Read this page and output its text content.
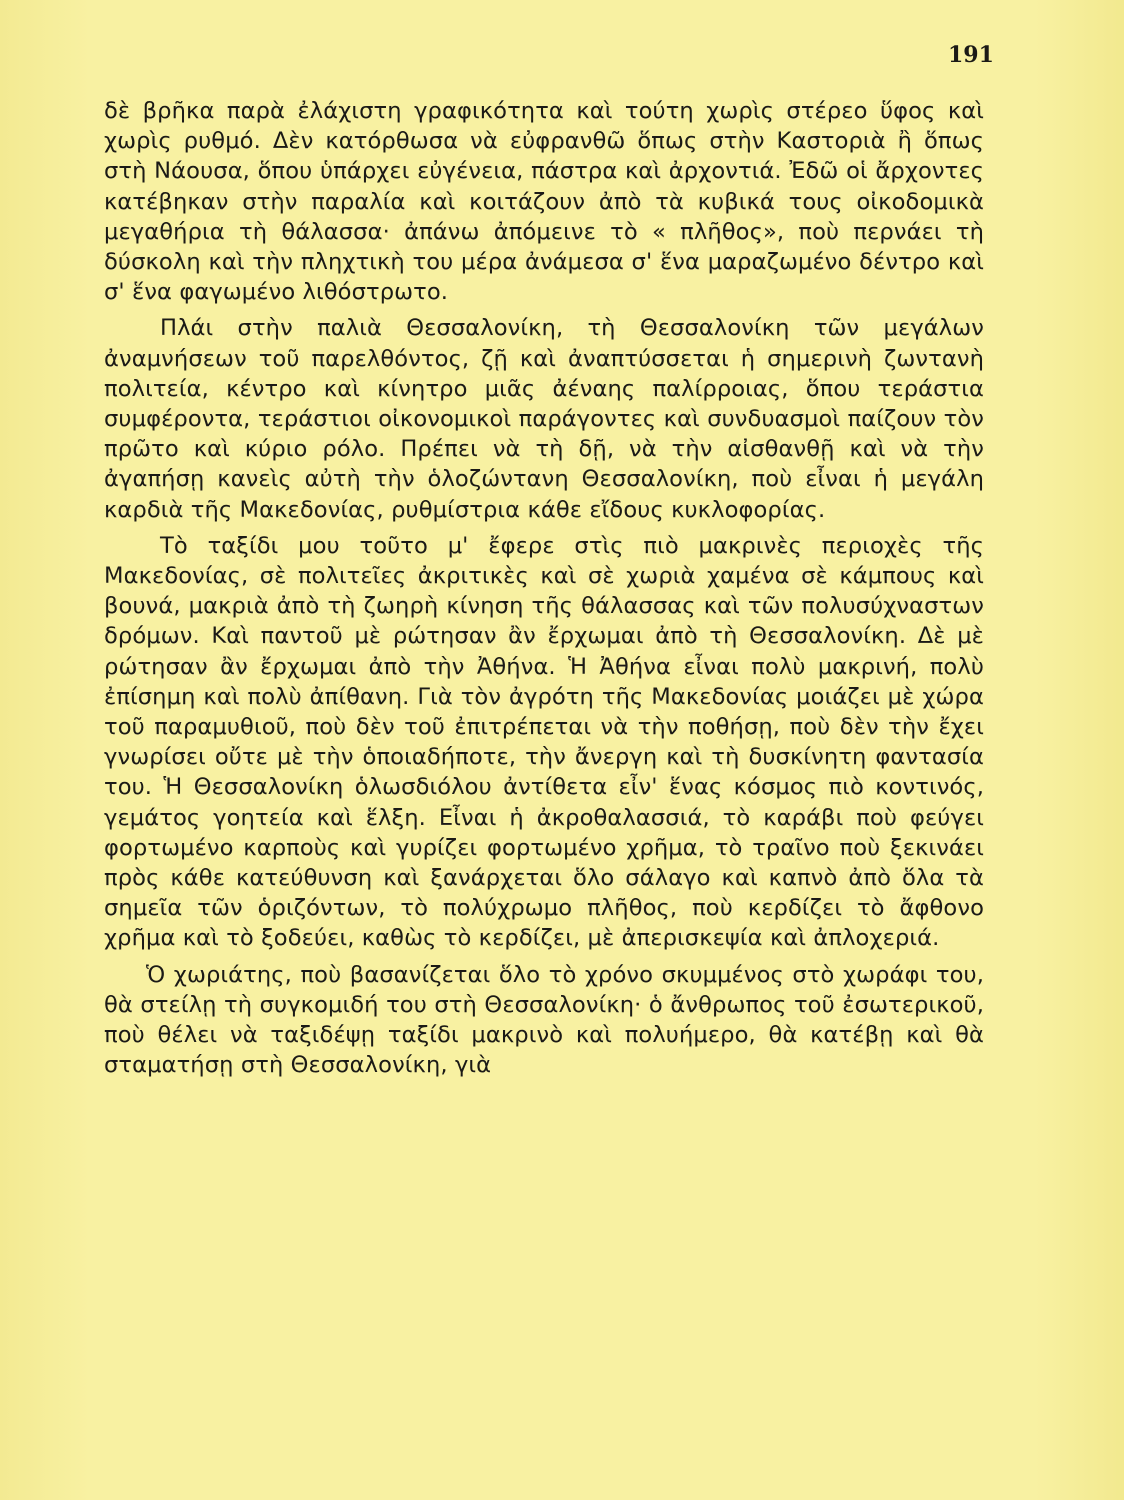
191

δὲ βρῆκα παρὰ ἐλάχιστη γραφικότητα καὶ τούτη χωρὶς στέρεο ὕφος καὶ χωρὶς ρυθμό. Δὲν κατόρθωσα νὰ εὐφρανθῶ ὅπως στὴν Καστοριὰ ἢ ὅπως στὴ Νάουσα, ὅπου ὑπάρχει εὐγένεια, πάστρα καὶ ἀρχοντιά. Ἐδῶ οἱ ἄρχοντες κατέβηκαν στὴν παραλία καὶ κοιτάζουν ἀπὸ τὰ κυβικά τους οἰκοδομικὰ μεγαθήρια τὴ θάλασσα· ἀπάνω ἀπόμεινε τὸ « πλῆθος», ποὺ περνάει τὴ δύσκολη καὶ τὴν πληχτικὴ του μέρα ἀνάμεσα σ' ἕνα μαραζωμένο δέντρο καὶ σ' ἕνα φαγωμένο λιθόστρωτο.

Πλάι στὴν παλιὰ Θεσσαλονίκη, τὴ Θεσσαλονίκη τῶν μεγάλων ἀναμνήσεων τοῦ παρελθόντος, ζῇ καὶ ἀναπτύσσεται ἡ σημερινὴ ζωντανὴ πολιτεία, κέντρο καὶ κίνητρο μιᾶς ἀέναης παλίρροιας, ὅπου τεράστια συμφέροντα, τεράστιοι οἰκονομικοὶ παράγοντες καὶ συνδυασμοὶ παίζουν τὸν πρῶτο καὶ κύριο ρόλο. Πρέπει νὰ τὴ δῇ, νὰ τὴν αἰσθανθῇ καὶ νὰ τὴν ἀγαπήσῃ κανεὶς αὐτὴ τὴν ὁλοζώντανη Θεσσαλονίκη, ποὺ εἶναι ἡ μεγάλη καρδιὰ τῆς Μακεδονίας, ρυθμίστρια κάθε εἴδους κυκλοφορίας.

Τὸ ταξίδι μου τοῦτο μ' ἔφερε στὶς πιὸ μακρινὲς περιοχὲς τῆς Μακεδονίας, σὲ πολιτεῖες ἀκριτικὲς καὶ σὲ χωριὰ χαμένα σὲ κάμπους καὶ βουνά, μακριὰ ἀπὸ τὴ ζωηρὴ κίνηση τῆς θάλασσας καὶ τῶν πολυσύχναστων δρόμων. Καὶ παντοῦ μὲ ρώτησαν ἂν ἔρχωμαι ἀπὸ τὴ Θεσσαλονίκη. Δὲ μὲ ρώτησαν ἂν ἔρχωμαι ἀπὸ τὴν Ἀθήνα. Ἡ Ἀθήνα εἶναι πολὺ μακρινή, πολὺ ἐπίσημη καὶ πολὺ ἀπίθανη. Γιὰ τὸν ἀγρότη τῆς Μακεδονίας μοιάζει μὲ χώρα τοῦ παραμυθιοῦ, ποὺ δὲν τοῦ ἐπιτρέπεται νὰ τὴν ποθήσῃ, ποὺ δὲν τὴν ἔχει γνωρίσει οὔτε μὲ τὴν ὁποιαδήποτε, τὴν ἄνεργη καὶ τὴ δυσκίνητη φαντασία του. Ἡ Θεσσαλονίκη ὁλωσδιόλου ἀντίθετα εἶν' ἕνας κόσμος πιὸ κοντινός, γεμάτος γοητεία καὶ ἕλξη. Εἶναι ἡ ἀκροθαλασσιά, τὸ καράβι ποὺ φεύγει φορτωμένο καρποὺς καὶ γυρίζει φορτωμένο χρῆμα, τὸ τραῖνο ποὺ ξεκινάει πρὸς κάθε κατεύθυνση καὶ ξανάρχεται ὅλο σάλαγο καὶ καπνὸ ἀπὸ ὅλα τὰ σημεῖα τῶν ὁριζόντων, τὸ πολύχρωμο πλῆθος, ποὺ κερδίζει τὸ ἄφθονο χρῆμα καὶ τὸ ξοδεύει, καθὼς τὸ κερδίζει, μὲ ἀπερισκεψία καὶ ἀπλοχεριά.

Ὁ χωριάτης, ποὺ βασανίζεται ὅλο τὸ χρόνο σκυμμένος στὸ χωράφι του, θὰ στείλῃ τὴ συγκομιδή του στὴ Θεσσαλονίκη· ὁ ἄνθρωπος τοῦ ἐσωτερικοῦ, ποὺ θέλει νὰ ταξιδέψῃ ταξίδι μακρινὸ καὶ πολυήμερο, θὰ κατέβῃ καὶ θὰ σταματήσῃ στὴ Θεσσαλονίκη, γιὰ
